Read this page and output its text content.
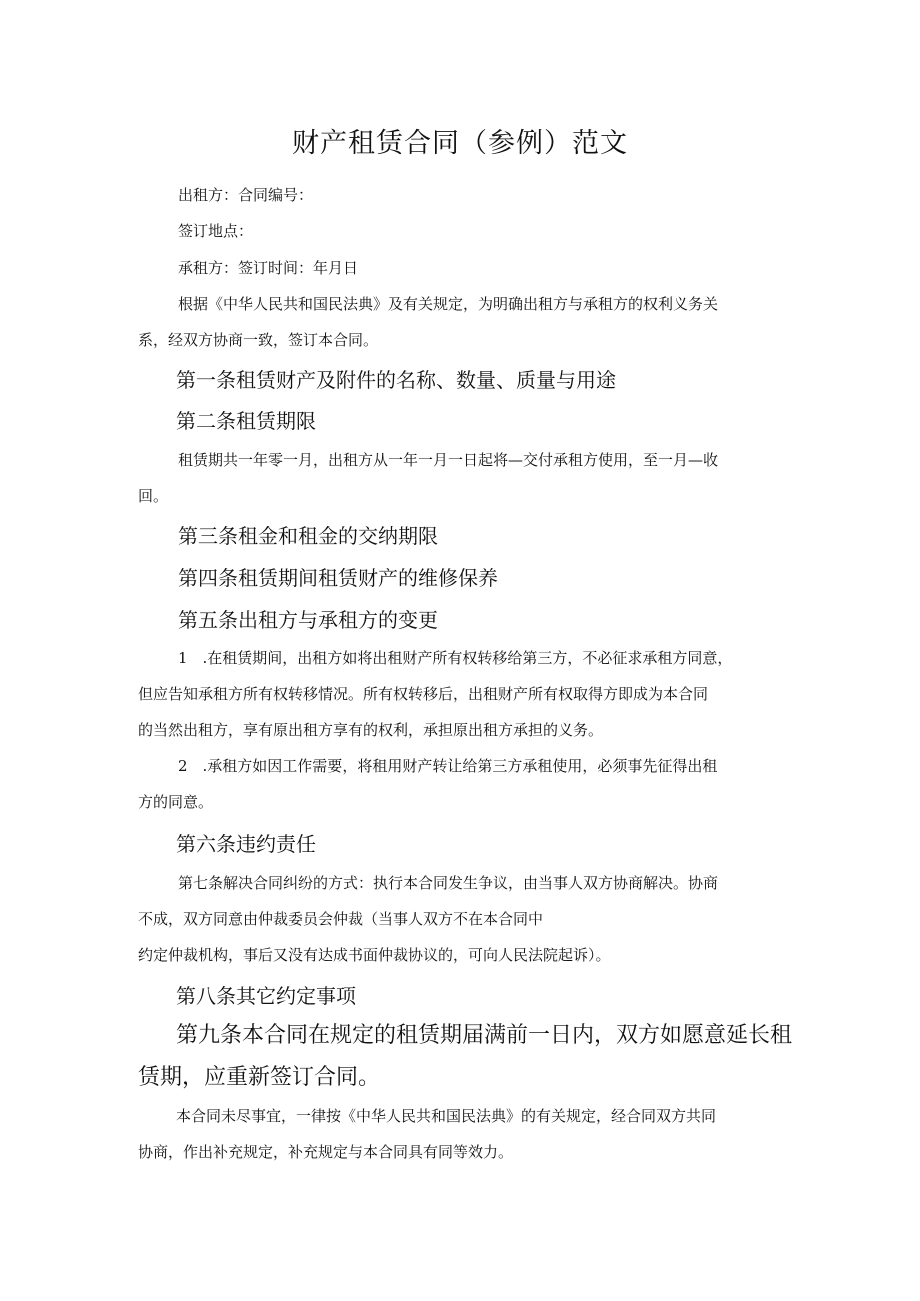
财产租赁合同（参例）范文
出租方：合同编号：
签订地点：
承租方：签订时间：年月日
根据《中华人民共和国民法典》及有关规定，为明确出租方与承租方的权利义务关
系，经双方协商一致，签订本合同。
第一条租赁财产及附件的名称、数量、质量与用途
第二条租赁期限
租赁期共一年零一月，出租方从一年一月一日起将—交付承租方使用，至一月—收
回。
第三条租金和租金的交纳期限
第四条租赁期间租赁财产的维修保养
第五条出租方与承租方的变更
1　.在租赁期间，出租方如将出租财产所有权转移给第三方，不必征求承租方同意，
但应告知承租方所有权转移情况。所有权转移后，出租财产所有权取得方即成为本合同
的当然出租方，享有原出租方享有的权利，承担原出租方承担的义务。
2　.承租方如因工作需要，将租用财产转让给第三方承租使用，必须事先征得出租
方的同意。
第六条违约责任
第七条解决合同纠纷的方式：执行本合同发生争议，由当事人双方协商解决。协商
不成，双方同意由仲裁委员会仲裁（当事人双方不在本合同中
约定仲裁机构，事后又没有达成书面仲裁协议的，可向人民法院起诉）。
第八条其它约定事项
第九条本合同在规定的租赁期届满前一日内，双方如愿意延长租
赁期，应重新签订合同。
本合同未尽事宜，一律按《中华人民共和国民法典》的有关规定，经合同双方共同
协商，作出补充规定，补充规定与本合同具有同等效力。
